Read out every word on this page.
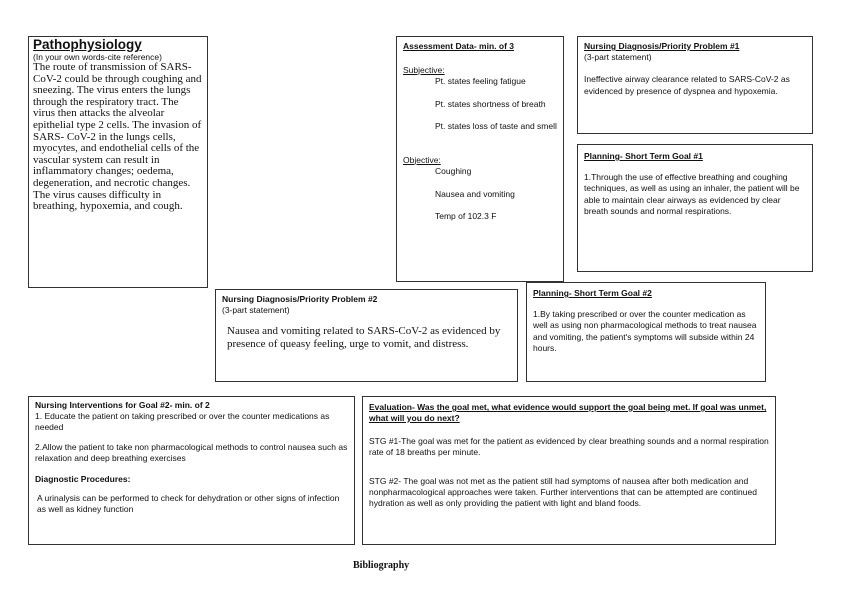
Pathophysiology
(In your own words-cite reference)
The route of transmission of SARS-CoV-2 could be through coughing and sneezing. The virus enters the lungs through the respiratory tract. The virus then attacks the alveolar epithelial type 2 cells. The invasion of SARS- CoV-2 in the lungs cells, myocytes, and endothelial cells of the vascular system can result in inflammatory changes; oedema, degeneration, and necrotic changes. The virus causes difficulty in breathing, hypoxemia, and cough.
Assessment Data- min. of 3
Subjective:
Pt. states feeling fatigue
Pt. states shortness of breath
Pt. states loss of taste and smell
Objective:
Coughing
Nausea and vomiting
Temp of 102.3 F
Nursing Diagnosis/Priority Problem #1
(3-part statement)
Ineffective airway clearance related to SARS-CoV-2 as evidenced by presence of dyspnea and hypoxemia.
Planning- Short Term Goal #1
1.Through the use of effective breathing and coughing techniques, as well as using an inhaler, the patient will be able to maintain clear airways as evidenced by clear breath sounds and normal respirations.
Nursing Diagnosis/Priority Problem #2
(3-part statement)
Nausea and vomiting related to SARS-CoV-2 as evidenced by presence of queasy feeling, urge to vomit, and distress.
Planning- Short Term Goal #2
1.By taking prescribed or over the counter medication as well as using non pharmacological methods to treat nausea and vomiting, the patient's symptoms will subside within 24 hours.
Nursing Interventions for Goal #2- min. of 2
1. Educate the patient on taking prescribed or over the counter medications as needed
2.Allow the patient to take non pharmacological methods to control nausea such as relaxation and deep breathing exercises
Diagnostic Procedures:
A urinalysis can be performed to check for dehydration or other signs of infection as well as kidney function
Evaluation- Was the goal met, what evidence would support the goal being met. If goal was unmet, what will you do next?
STG #1-The goal was met for the patient as evidenced by clear breathing sounds and a normal respiration rate of 18 breaths per minute.
STG #2- The goal was not met as the patient still had symptoms of nausea after both medication and nonpharmacological approaches were taken. Further interventions that can be attempted are continued hydration as well as only providing the patient with light and bland foods.
Bibliography
